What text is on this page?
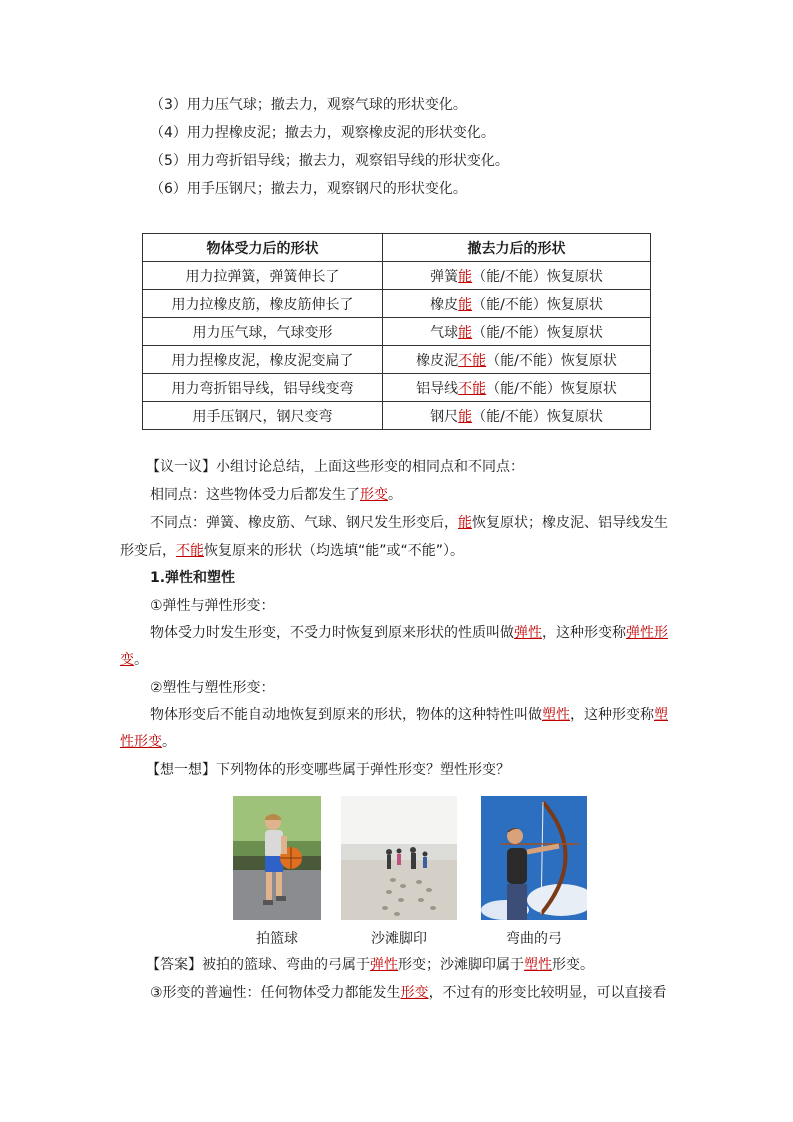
（3）用力压气球；撤去力，观察气球的形状变化。
（4）用力捏橡皮泥；撤去力，观察橡皮泥的形状变化。
（5）用力弯折铝导线；撤去力，观察铝导线的形状变化。
（6）用手压钢尺；撤去力，观察钢尺的形状变化。
物体受力后的形状	撤去力后的形状
用力拉弹簧，弹簧伸长了	弹簧能（能/不能）恢复原状
用力拉橡皮筋，橡皮筋伸长了	橡皮能（能/不能）恢复原状
用力压气球，气球变形	气球能（能/不能）恢复原状
用力捏橡皮泥，橡皮泥变扁了	橡皮泥不能（能/不能）恢复原状
用力弯折铝导线，铝导线变弯	铝导线不能（能/不能）恢复原状
用手压钢尺，钢尺变弯	钢尺能（能/不能）恢复原状
【议一议】小组讨论总结，上面这些形变的相同点和不同点：
相同点：这些物体受力后都发生了形变。
不同点：弹簧、橡皮筋、气球、钢尺发生形变后，能恢复原状；橡皮泥、铝导线发生
形变后，不能恢复原来的形状（均选填“能”或“不能”）。
1.弹性和塑性
①弹性与弹性形变：
物体受力时发生形变，不受力时恢复到原来形状的性质叫做弹性，这种形变称弹性形
变。
②塑性与塑性形变：
物体形变后不能自动地恢复到原来的形状，物体的这种特性叫做塑性，这种形变称塑
性形变。
【想一想】下列物体的形变哪些属于弹性形变？塑性形变？
拍篮球	沙滩脚印	弯曲的弓
【答案】被拍的篮球、弯曲的弓属于弹性形变；沙滩脚印属于塑性形变。
③形变的普遍性：任何物体受力都能发生形变，不过有的形变比较明显，可以直接看
